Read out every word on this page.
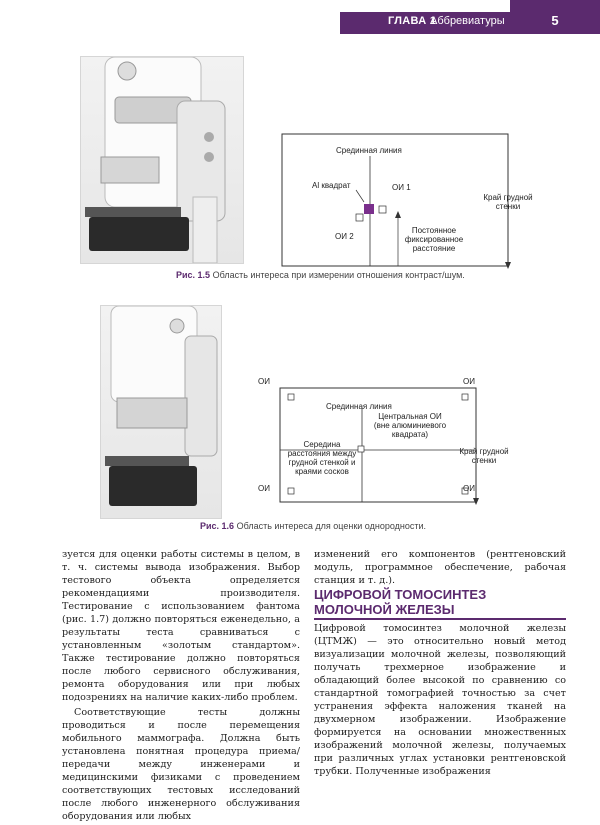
ГЛАВА 1
Аббревиатуры	5
Срединная линия
Al квадрат	ОИ 1
ОИ 2
Постоянное фиксированное расстояние
Край грудной стенки
Рис. 1.5 Область интереса при измерении отношения контраст/шум.
ОИ	ОИ
Срединная линия
Центральная ОИ (вне алюминиевого квадрата)
Середина расстояния между грудной стенкой и краями сосков
Край грудной стенки
ОИ	ОИ
Рис. 1.6 Область интереса для оценки однородности.

зуется для оценки работы системы в целом, в т. ч. системы вывода изображения. Выбор тестового объекта определяется рекомендациями производителя. Тестирование с использованием фантома (рис. 1.7) должно повторяться еженедельно, а результаты теста сравниваться с установленным «золотым стандартом». Также тестирование должно повторяться после любого сервисного обслуживания, ремонта оборудования или при любых подозрениях на наличие каких-либо проблем.

Соответствующие тесты должны проводиться и после перемещения мобильного маммографа. Должна быть установлена понятная процедура приема/передачи между инженерами и медицинскими физиками с проведением соответствующих тестовых исследований после любого инженерного обслуживания оборудования или любых

изменений его компонентов (рентгеновский модуль, программное обеспечение, рабочая станция и т. д.).

ЦИФРОВОЙ ТОМОСИНТЕЗ МОЛОЧНОЙ ЖЕЛЕЗЫ

Цифровой томосинтез молочной железы (ЦТМЖ) — это относительно новый метод визуализации молочной железы, позволяющий получать трехмерное изображение и обладающий более высокой по сравнению со стандартной томографией точностью за счет устранения эффекта наложения тканей на двухмерном изображении. Изображение формируется на основании множественных изображений молочной железы, получаемых при различных углах установки рентгеновской трубки. Полученные изображения
